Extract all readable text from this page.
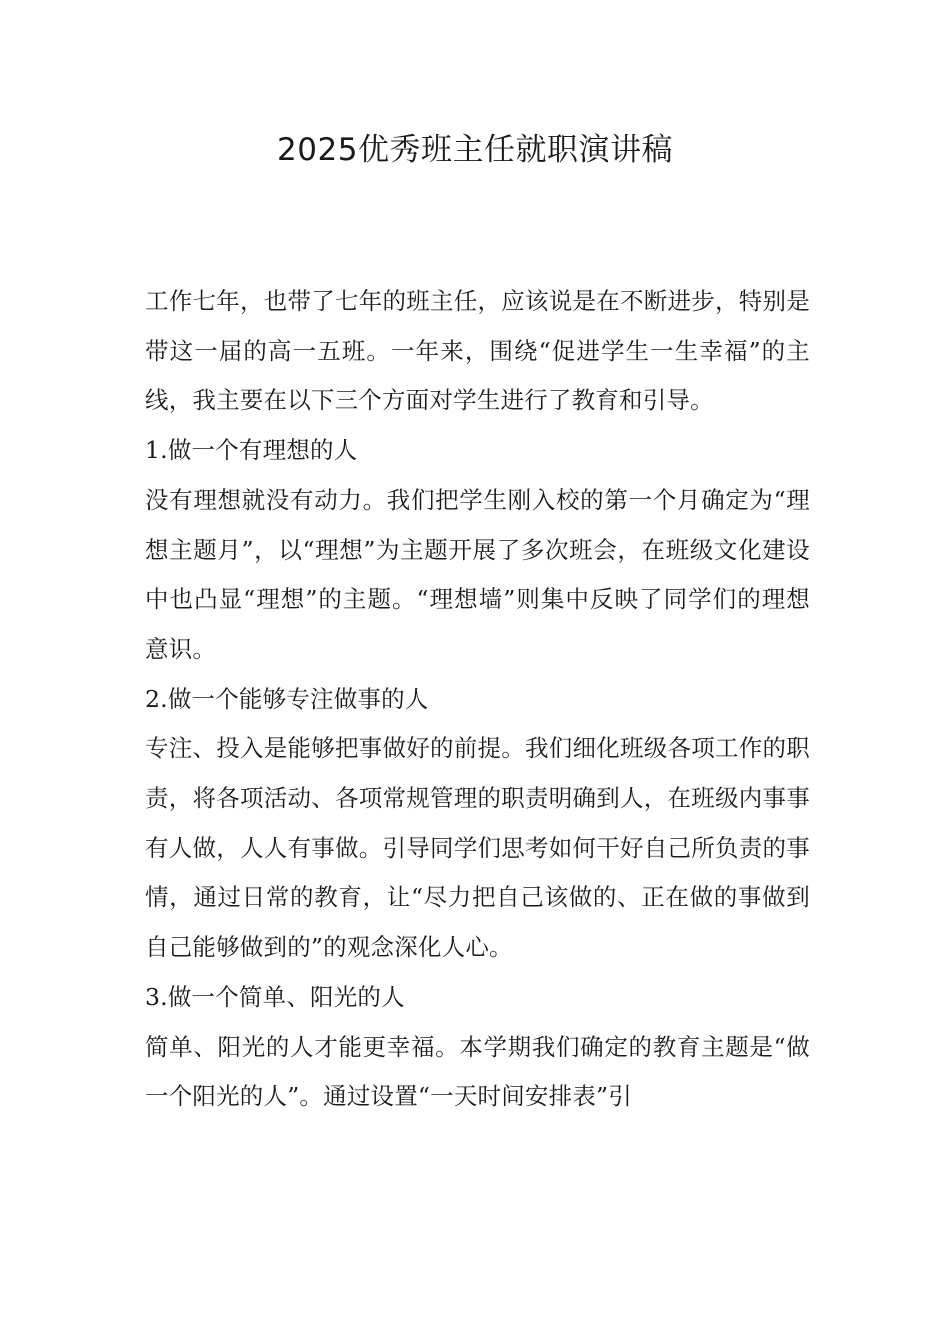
2025优秀班主任就职演讲稿

工作七年，也带了七年的班主任，应该说是在不断进步，特别是带这一届的高一五班。一年来，围绕“促进学生一生幸福”的主线，我主要在以下三个方面对学生进行了教育和引导。

1.做一个有理想的人

没有理想就没有动力。我们把学生刚入校的第一个月确定为“理想主题月”，以“理想”为主题开展了多次班会，在班级文化建设中也凸显“理想”的主题。“理想墙”则集中反映了同学们的理想意识。

2.做一个能够专注做事的人

专注、投入是能够把事做好的前提。我们细化班级各项工作的职责，将各项活动、各项常规管理的职责明确到人，在班级内事事有人做，人人有事做。引导同学们思考如何干好自己所负责的事情，通过日常的教育，让“尽力把自己该做的、正在做的事做到自己能够做到的”的观念深化人心。

3.做一个简单、阳光的人

简单、阳光的人才能更幸福。本学期我们确定的教育主题是“做一个阳光的人”。通过设置“一天时间安排表”引
